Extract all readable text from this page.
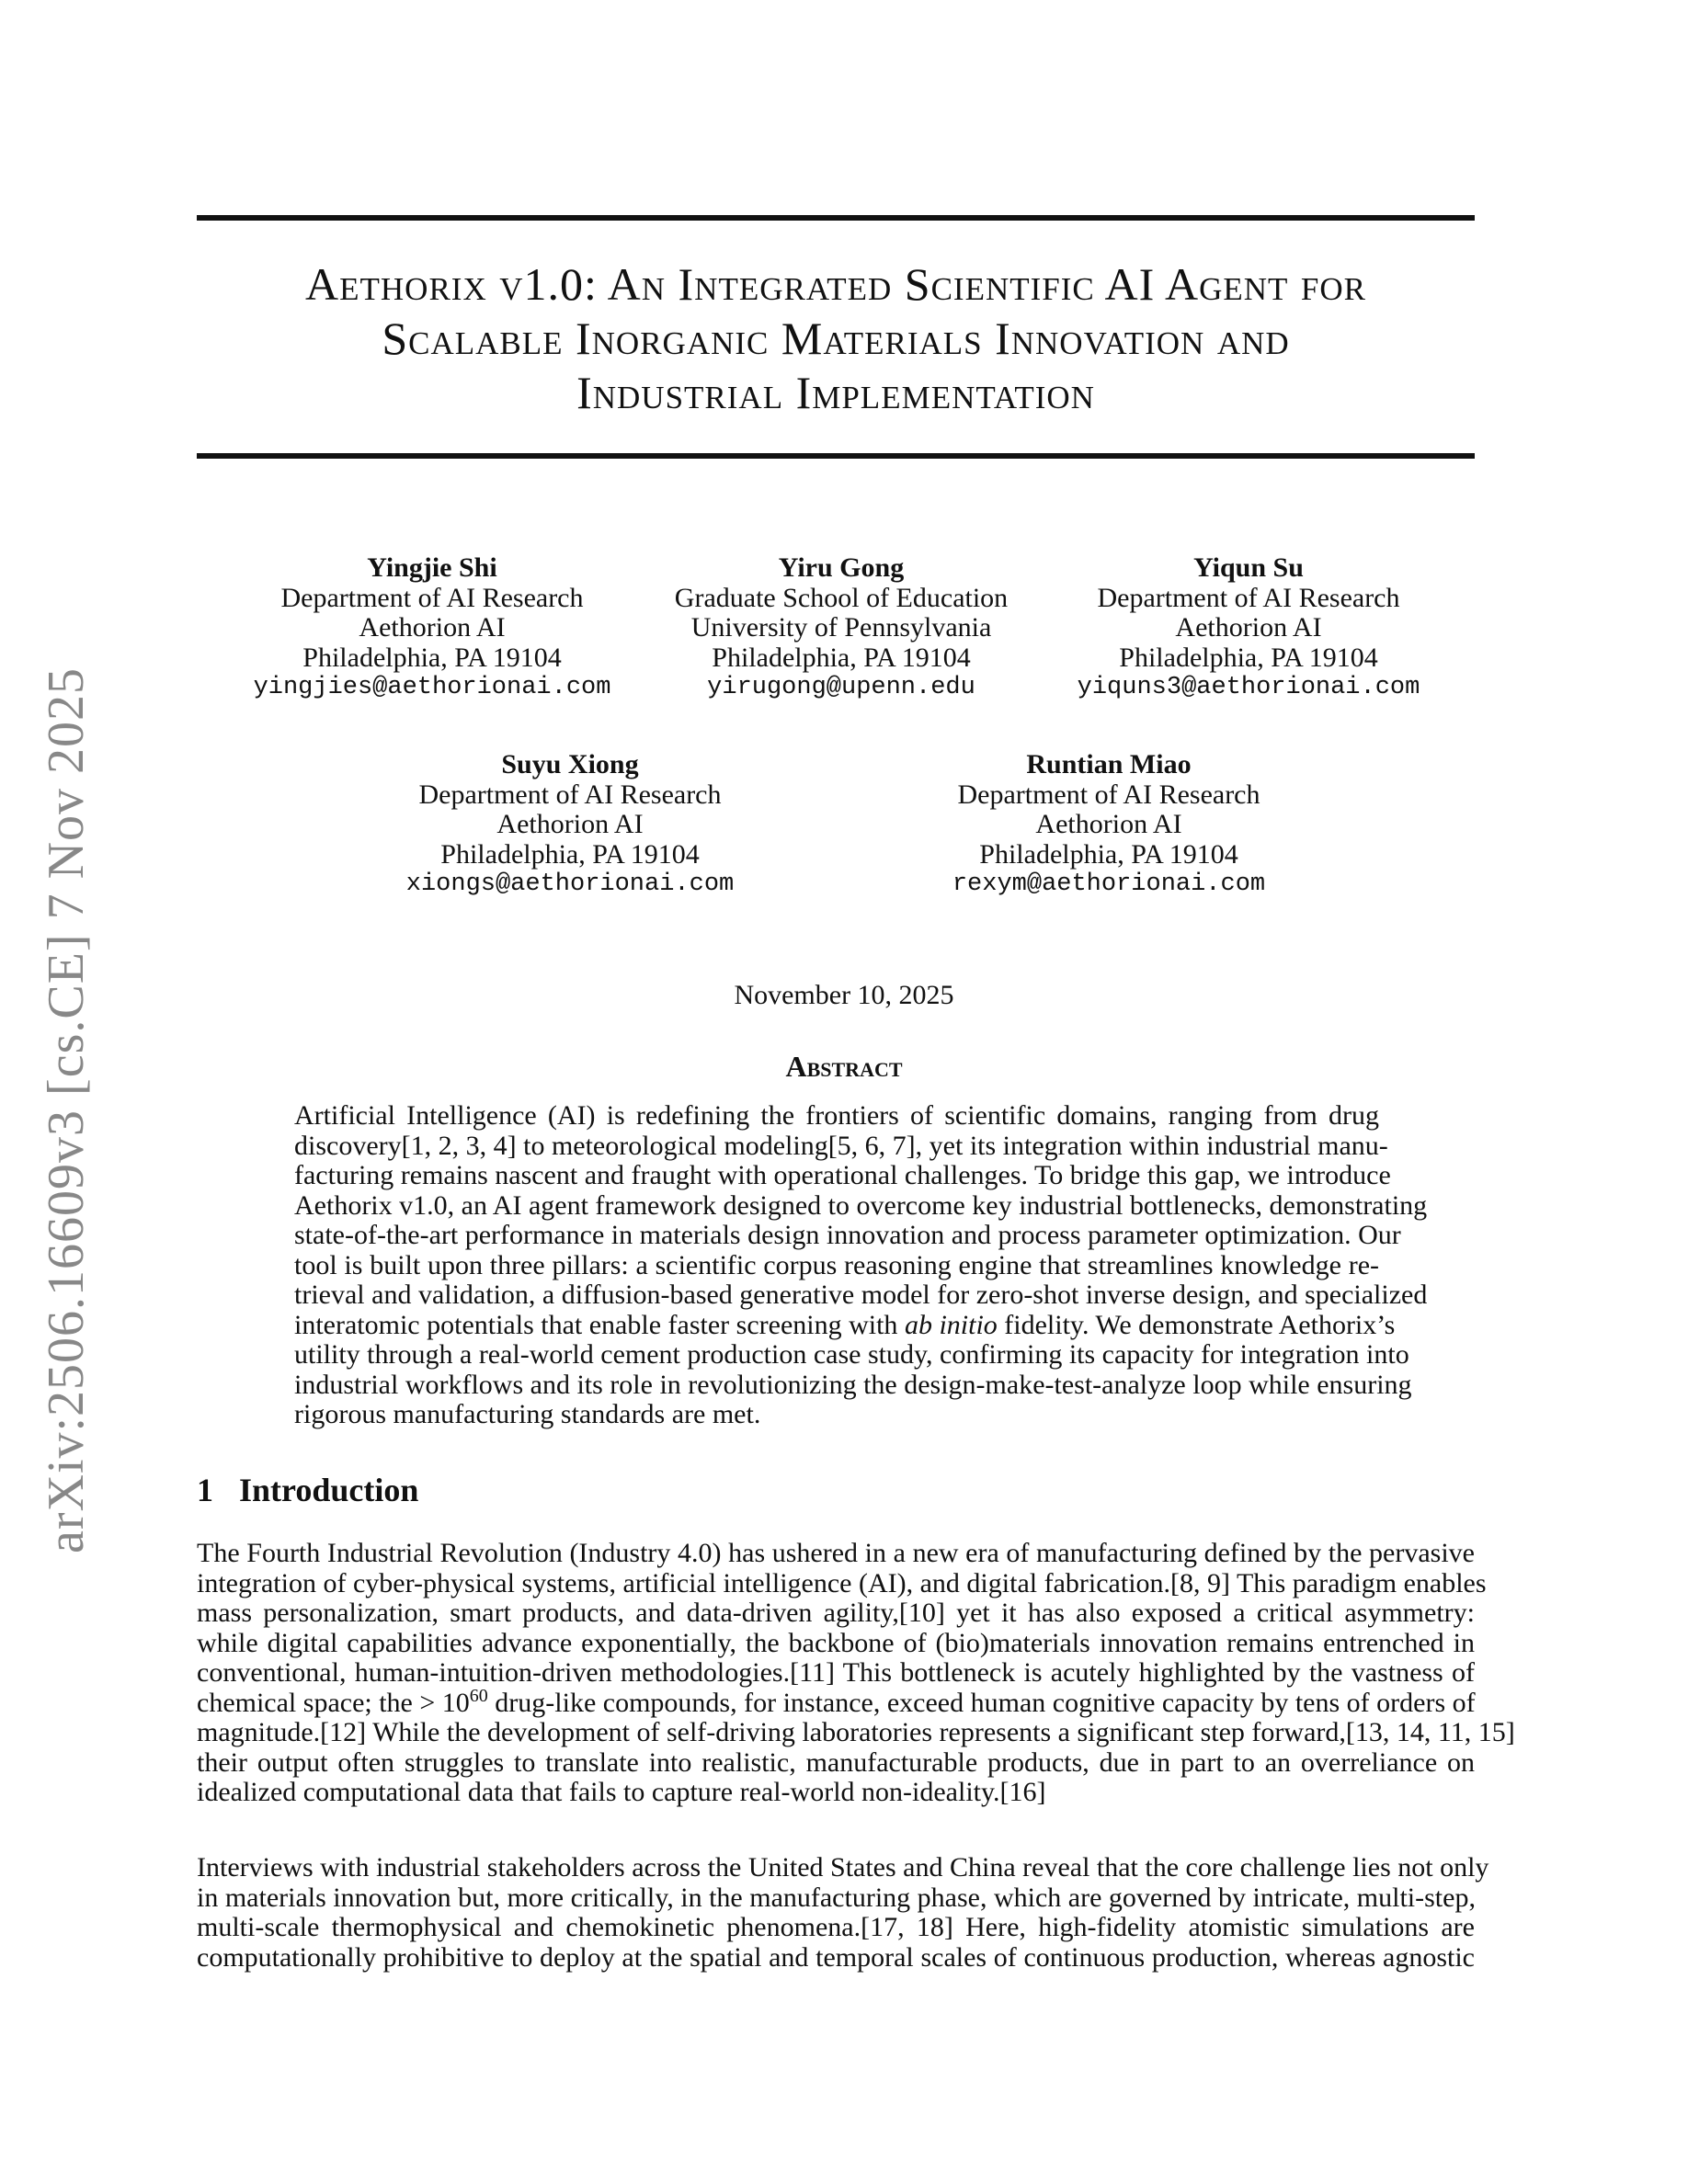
arXiv:2506.16609v3 [cs.CE] 7 Nov 2025
Aethorix v1.0: An Integrated Scientific AI Agent for
Scalable Inorganic Materials Innovation and
Industrial Implementation
Yingjie Shi
Department of AI Research
Aethorion AI
Philadelphia, PA 19104
yingjies@aethorionai.com
Yiru Gong
Graduate School of Education
University of Pennsylvania
Philadelphia, PA 19104
yirugong@upenn.edu
Yiqun Su
Department of AI Research
Aethorion AI
Philadelphia, PA 19104
yiquns3@aethorionai.com
Suyu Xiong
Department of AI Research
Aethorion AI
Philadelphia, PA 19104
xiongs@aethorionai.com
Runtian Miao
Department of AI Research
Aethorion AI
Philadelphia, PA 19104
rexym@aethorionai.com
November 10, 2025
Abstract
Artificial Intelligence (AI) is redefining the frontiers of scientific domains, ranging from drug
discovery[1, 2, 3, 4] to meteorological modeling[5, 6, 7], yet its integration within industrial manu-
facturing remains nascent and fraught with operational challenges. To bridge this gap, we introduce
Aethorix v1.0, an AI agent framework designed to overcome key industrial bottlenecks, demonstrating
state-of-the-art performance in materials design innovation and process parameter optimization. Our
tool is built upon three pillars: a scientific corpus reasoning engine that streamlines knowledge re-
trieval and validation, a diffusion-based generative model for zero-shot inverse design, and specialized
interatomic potentials that enable faster screening with ab initio fidelity. We demonstrate Aethorix’s
utility through a real-world cement production case study, confirming its capacity for integration into
industrial workflows and its role in revolutionizing the design-make-test-analyze loop while ensuring
rigorous manufacturing standards are met.
1 Introduction
The Fourth Industrial Revolution (Industry 4.0) has ushered in a new era of manufacturing defined by the pervasive
integration of cyber-physical systems, artificial intelligence (AI), and digital fabrication.[8, 9] This paradigm enables
mass personalization, smart products, and data-driven agility,[10] yet it has also exposed a critical asymmetry:
while digital capabilities advance exponentially, the backbone of (bio)materials innovation remains entrenched in
conventional, human-intuition-driven methodologies.[11] This bottleneck is acutely highlighted by the vastness of
chemical space; the > $10^{60}$ drug-like compounds, for instance, exceed human cognitive capacity by tens of orders of
magnitude.[12] While the development of self-driving laboratories represents a significant step forward,[13, 14, 11, 15]
their output often struggles to translate into realistic, manufacturable products, due in part to an overreliance on
idealized computational data that fails to capture real-world non-ideality.[16]
Interviews with industrial stakeholders across the United States and China reveal that the core challenge lies not only
in materials innovation but, more critically, in the manufacturing phase, which are governed by intricate, multi-step,
multi-scale thermophysical and chemokinetic phenomena.[17, 18] Here, high-fidelity atomistic simulations are
computationally prohibitive to deploy at the spatial and temporal scales of continuous production, whereas agnostic
